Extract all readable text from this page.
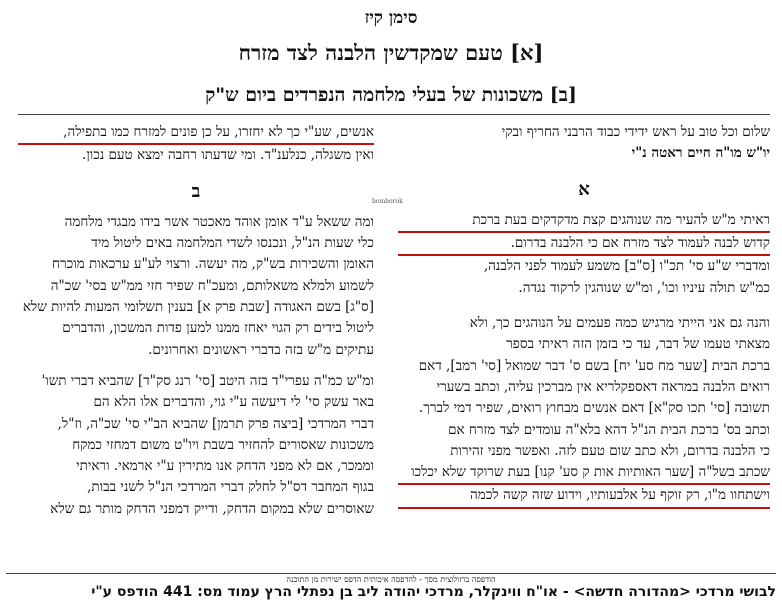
סימן קיז
[א] טעם שמקדשין הלבנה לצד מזרח
[ב] משכונות של בעלי מלחמה הנפרדים ביום ש"ק

שלום וכל טוב על ראש ידידי כבוד הרבני החריף ובקי

יו"ש מו"ה חיים ראטה נ"י

א

ראיתי מ"ש להעיר מה שנוהגים קצת מדקדקים בעת ברכת

קדוש לבנה לעמוד לצד מזרח אם כי הלבנה בדרום.

ומדברי ש"ע סי' תכ"ו [ס"ב] משמע לעמוד לפני הלבנה,

כמ"ש תולה עיניו וכו', ומ"ש שנוהגין לרקוד נגדה.

והנה גם אני הייתי מרגיש כמה פעמים על הנוהגים כך, ולא

מצאתי טעמו של דבר, עד כי בזמן הזה ראיתי בספר

ברכת הבית [שער מח סע' יח] בשם ס' דבר שמואל [סי' רמב], דאם

רואים הלבנה במראה דאספקלריא אין מברכין עליה, וכתב בשערי

תשובה [סי' תכו סק"א] דאם אנשים מבחוץ רואים, שפיר דמי לברך.

וכתב בס' ברכת הבית הנ"ל דהא בלא"ה עומדים לצד מזרח אם

כי הלבנה בדרום, ולא כתב שום טעם לזה. ואפשר מפני זהירות

שכתב בשל"ה [שער האותיות אות ק סע' קנו] בעת שרוקד שלא יכלכו

וישתחוו מ"ו, רק זוקף על אלבעותיו, וידוע שזה קשה לכמה

bomborok

אנשים, שע"י כך לא יחזרו, על כן פונים למזרח כמו בתפילה,

ואין משגלה, כנלענ"ד. ומי שדעתו רחבה ימצא טעם נכון.

ב

ומה ששאל ע"ד אומן אוהד מאכטר אשר בידו מבגדי מלחמה

כלי שעות הנ"ל, ונכנסו לשדי המלחמה באים ליטול מיד

האומן והשכירות בש"ק, מה יעשה. ורצוי לע"ע ערכאות מוכרח

לשמוע ולמלא משאלותם, ומעכ"ח שפיר חזי ממ"ש בסי' שכ"ה

[ס"ג] בשם האגודה [שבת פרק א] בענין תשלומי המעות להיות שלא

ליטול בידים רק הגוי יאחז ממנו למען פדות המשכון, והדברים

עתיקים מ"ש בזה בדברי ראשונים ואחרונים.

ומ"ש כמ"ה עפרי"ד בזה היטב [סי' רנג סק"ד] שהביא דברי תשו'

באר עשק סי' לי דיעשה ע"י גוי, והדברים אלו הלא הם

דברי המרדכי [ביצה פרק תרמן] שהביא הב"י סי' שכ"ה, וז"ל,

משכונות שאסורים להחזיר בשבת ויו"ט משום דמחזי כמקח

וממכר, אם לא מפני הדחק אנו מתירין ע"י ארמאי. וראיתי

בגוף המחבר דס"ל לחלק דברי המרדכי הנ"ל לשני בבות,

שאוסרים שלא במקום הדחק, ודייק דמפני הדחק מותר גם שלא

הודפסה ברזולוצית מסך - להדפסה איכותית הדפס ישירות מן התוכנה
לבושי מרדכי <מהדורה חדשה> - או"ח ווינקלר, מרדכי יהודה ליב בן נפתלי הרץ עמוד מס: 441 הודפס ע"י
